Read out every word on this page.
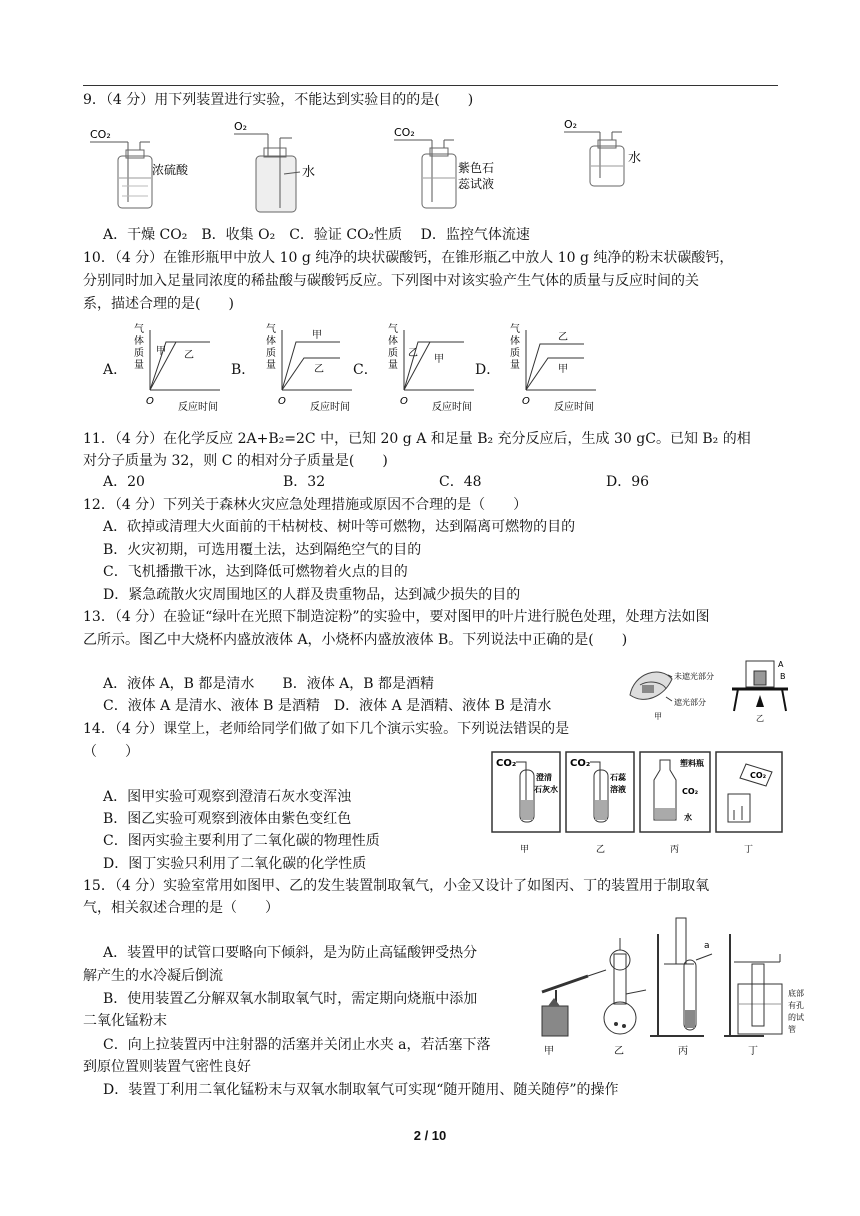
9．（4 分）用下列装置进行实验，不能达到实验目的的是(　　)
CO₂
浓硫酸
O₂
水
CO₂
紫色石
蕊试液
O₂
水
A．干燥 CO₂　B．收集 O₂　C．验证 CO₂性质　 D．监控气体流速
10．（4 分）在锥形瓶甲中放人 10 g 纯净的块状碳酸钙，在锥形瓶乙中放人 10 g 纯净的粉末状碳酸钙，
分别同时加入足量同浓度的稀盐酸与碳酸钙反应。下列图中对该实验产生气体的质量与反应时间的关
系，描述合理的是(　　)
A．	B．	C．	D．
气
体
质
量
O
反应时间
甲 乙
气
体
质
量
O
反应时间
甲
乙
气
体
质
量
O
反应时间
乙
甲
气
体
质
量
O
反应时间
乙
甲
11．（4 分）在化学反应 2A+B₂=2C 中，已知 20 g A 和足量 B₂ 充分反应后，生成 30 gC。已知 B₂ 的相
对分子质量为 32，则 C 的相对分子质量是(　　)
A．20	B．32	C．48	D．96
12．（4 分）下列关于森林火灾应急处理措施或原因不合理的是（　　）
A．砍掉或清理大火面前的干枯树枝、树叶等可燃物，达到隔离可燃物的目的
B．火灾初期，可选用覆土法，达到隔绝空气的目的
C．飞机播撒干冰，达到降低可燃物着火点的目的
D．紧急疏散火灾周围地区的人群及贵重物品，达到减少损失的目的
13．（4 分）在验证“绿叶在光照下制造淀粉”的实验中，要对图甲的叶片进行脱色处理，处理方法如图
乙所示。图乙中大烧杯内盛放液体 A，小烧杯内盛放液体 B。下列说法中正确的是(　　)
A．液体 A，B 都是清水　　B．液体 A，B 都是酒精
C．液体 A 是清水、液体 B 是酒精　D．液体 A 是酒精、液体 B 是清水
未遮光部分
遮光部分
甲
A
B
乙
14．（4 分）课堂上，老师给同学们做了如下几个演示实验。下列说法错误的是
（　　）
A．图甲实验可观察到澄清石灰水变浑浊
B．图乙实验可观察到液体由紫色变红色
C．图丙实验主要利用了二氧化碳的物理性质
D．图丁实验只利用了二氧化碳的化学性质
CO₂
澄清
石灰水
甲
CO₂
石蕊
溶液
乙
塑料瓶
CO₂
水
丙
CO₂
丁
15．（4 分）实验室常用如图甲、乙的发生装置制取氧气，小金又设计了如图丙、丁的装置用于制取氧
气，相关叙述合理的是（　　）
A．装置甲的试管口要略向下倾斜，是为防止高锰酸钾受热分
解产生的水冷凝后倒流
B．使用装置乙分解双氧水制取氧气时，需定期向烧瓶中添加
二氧化锰粉末
C．向上拉装置丙中注射器的活塞并关闭止水夹 a，若活塞下落
到原位置则装置气密性良好
D．装置丁利用二氧化锰粉末与双氧水制取氧气可实现“随开随用、随关随停”的操作
甲	乙
a
丙
底部
有孔
的试
管
丁
2 / 10
